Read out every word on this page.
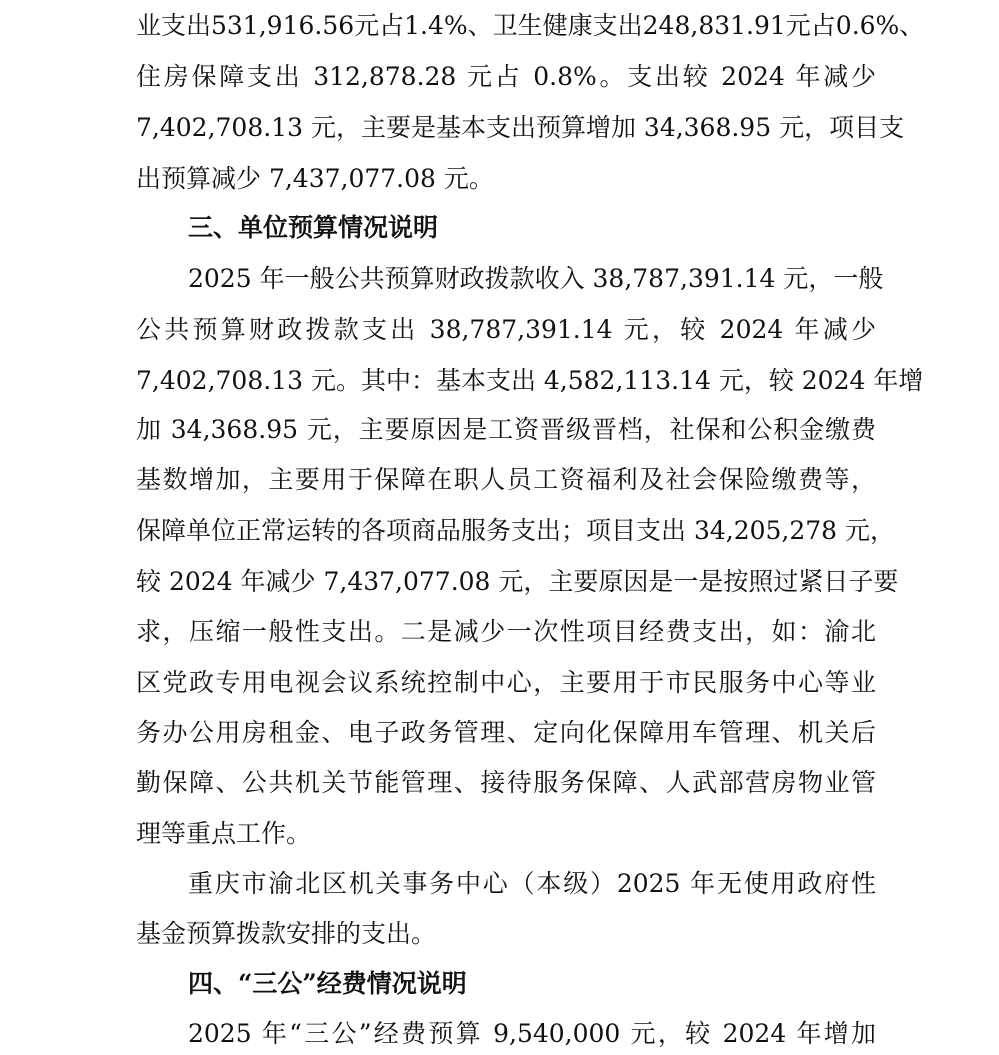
业支出531,916.56元占1.4%、卫生健康支出248,831.91元占0.6%、
住房保障支出 312,878.28 元占 0.8%。支出较 2024 年减少
7,402,708.13 元，主要是基本支出预算增加 34,368.95 元，项目支
出预算减少 7,437,077.08 元。
三、单位预算情况说明
2025 年一般公共预算财政拨款收入 38,787,391.14 元，一般
公共预算财政拨款支出 38,787,391.14 元，较 2024 年减少
7,402,708.13 元。其中：基本支出 4,582,113.14 元，较 2024 年增
加 34,368.95 元，主要原因是工资晋级晋档，社保和公积金缴费
基数增加，主要用于保障在职人员工资福利及社会保险缴费等，
保障单位正常运转的各项商品服务支出；项目支出 34,205,278 元，
较 2024 年减少 7,437,077.08 元，主要原因是一是按照过紧日子要
求，压缩一般性支出。二是减少一次性项目经费支出，如：渝北
区党政专用电视会议系统控制中心，主要用于市民服务中心等业
务办公用房租金、电子政务管理、定向化保障用车管理、机关后
勤保障、公共机关节能管理、接待服务保障、人武部营房物业管
理等重点工作。
重庆市渝北区机关事务中心（本级）2025 年无使用政府性
基金预算拨款安排的支出。
四、“三公”经费情况说明
2025 年“三公”经费预算 9,540,000 元，较 2024 年增加
